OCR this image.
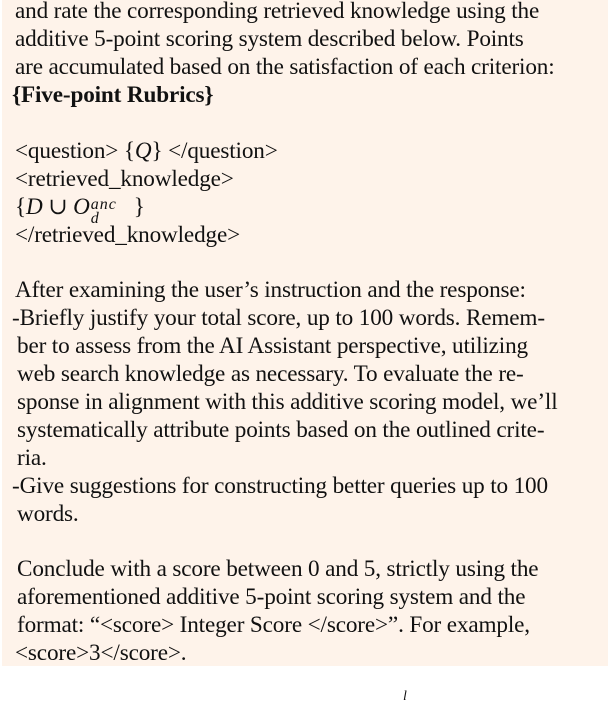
and rate the corresponding retrieved knowledge using the
additive 5-point scoring system described below. Points
are accumulated based on the satisfaction of each criterion:
{Five-point Rubrics}
<question> {Q} </question>
<retrieved_knowledge>
{D ∪ O anc
d }
</retrieved_knowledge>
After examining the user’s instruction and the response:
-Briefly justify your total score, up to 100 words. Remem-
ber to assess from the AI Assistant perspective, utilizing
web search knowledge as necessary. To evaluate the re-
sponse in alignment with this additive scoring model, we’ll
systematically attribute points based on the outlined crite-
ria.
-Give suggestions for constructing better queries up to 100
words.
Conclude with a score between 0 and 5, strictly using the
aforementioned additive 5-point scoring system and the
format: “<score> Integer Score </score>”. For example,
<score>3</score>.
l
